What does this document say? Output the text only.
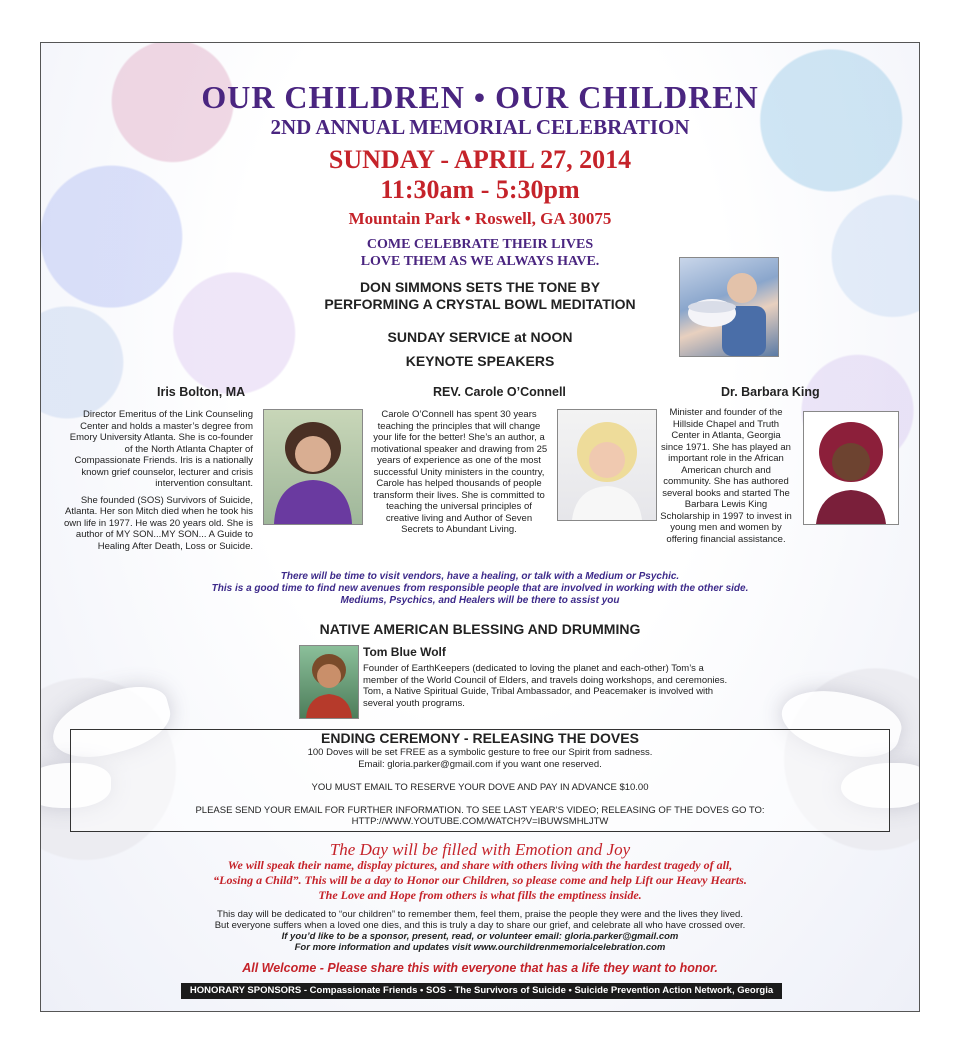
OUR CHILDREN • OUR CHILDREN
2ND ANNUAL MEMORIAL CELEBRATION
SUNDAY - APRIL 27, 2014
11:30am - 5:30pm
Mountain Park • Roswell, GA 30075
COME CELEBRATE THEIR LIVES
LOVE THEM AS WE ALWAYS HAVE.
DON SIMMONS SETS THE TONE BY
PERFORMING A CRYSTAL BOWL MEDITATION
SUNDAY SERVICE at NOON
KEYNOTE SPEAKERS
Iris Bolton, MA

Director Emeritus of the Link Counseling Center and holds a master’s degree from Emory University Atlanta. She is co-founder of the North Atlanta Chapter of Compassionate Friends. Iris is a nationally known grief counselor, lecturer and crisis intervention consultant.

She founded (SOS) Survivors of Suicide, Atlanta. Her son Mitch died when he took his own life in 1977. He was 20 years old. She is author of MY SON...MY SON... A Guide to Healing After Death, Loss or Suicide.

REV. Carole O’Connell

Carole O’Connell has spent 30 years teaching the principles that will change your life for the better! She’s an author, a motivational speaker and drawing from 25 years of experience as one of the most successful Unity ministers in the country, Carole has helped thousands of people transform their lives. She is committed to teaching the universal principles of creative living and Author of Seven Secrets to Abundant Living.

Dr. Barbara King

Minister and founder of the Hillside Chapel and Truth Center in Atlanta, Georgia since 1971. She has played an important role in the African American church and community. She has authored several books and started The Barbara Lewis King Scholarship in 1997 to invest in young men and women by offering financial assistance.

There will be time to visit vendors, have a healing, or talk with a Medium or Psychic.
This is a good time to find new avenues from responsible people that are involved in working with the other side.
Mediums, Psychics, and Healers will be there to assist you
NATIVE AMERICAN BLESSING AND DRUMMING
Tom Blue Wolf
Founder of EarthKeepers (dedicated to loving the planet and each-other) Tom’s a member of the World Council of Elders, and travels doing workshops, and ceremonies. Tom, a Native Spiritual Guide, Tribal Ambassador, and Peacemaker is involved with several youth programs.
ENDING CEREMONY - RELEASING THE DOVES
100 Doves will be set FREE as a symbolic gesture to free our Spirit from sadness.
Email: gloria.parker@gmail.com if you want one reserved.
YOU MUST EMAIL TO RESERVE YOUR DOVE AND PAY IN ADVANCE $10.00
PLEASE SEND YOUR EMAIL FOR FURTHER INFORMATION. TO SEE LAST YEAR’S VIDEO; RELEASING OF THE DOVES GO TO:
HTTP://WWW.YOUTUBE.COM/WATCH?V=IBUWSMHLJTW
The Day will be filled with Emotion and Joy
We will speak their name, display pictures, and share with others living with the hardest tragedy of all,
“Losing a Child”. This will be a day to Honor our Children, so please come and help Lift our Heavy Hearts.
The Love and Hope from others is what fills the emptiness inside.
This day will be dedicated to “our children” to remember them, feel them, praise the people they were and the lives they lived.
But everyone suffers when a loved one dies, and this is truly a day to share our grief, and celebrate all who have crossed over.
If you’d like to be a sponsor, present, read, or volunteer email: gloria.parker@gmail.com
For more information and updates visit www.ourchildrenmemorialcelebration.com
All Welcome - Please share this with everyone that has a life they want to honor.
HONORARY SPONSORS - Compassionate Friends • SOS - The Survivors of Suicide • Suicide Prevention Action Network, Georgia
